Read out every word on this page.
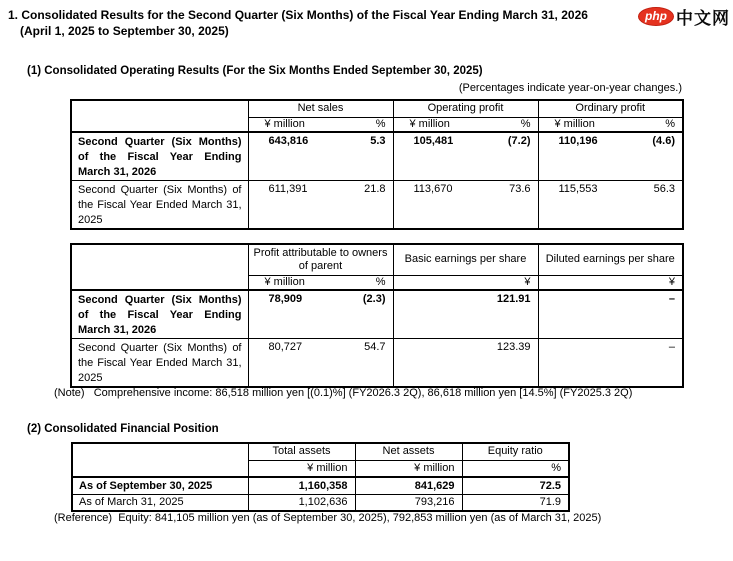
1. Consolidated Results for the Second Quarter (Six Months) of the Fiscal Year Ending March 31, 2026
(April 1, 2025 to September 30, 2025)
php 中文网
(1) Consolidated Operating Results (For the Six Months Ended September 30, 2025)
(Percentages indicate year-on-year changes.)
	Net sales	Operating profit	Ordinary profit

	¥ million %	¥ million %	¥ million %

Second Quarter (Six Months) of the Fiscal Year Ending March 31, 2026	643,816 5.3	105,481 (7.2)	110,196 (4.6)

Second Quarter (Six Months) of the Fiscal Year Ended March 31, 2025	611,391 21.8	113,670 73.6	115,553 56.3
	Profit attributable to owners of parent	Basic earnings per share	Diluted earnings per share

	¥ million %	¥	¥
Second Quarter (Six Months) of the Fiscal Year Ending March 31, 2026	78,909 (2.3)	121.91	–
Second Quarter (Six Months) of the Fiscal Year Ended March 31, 2025	80,727 54.7	123.39	–
(Note)   Comprehensive income: 86,518 million yen [(0.1)%] (FY2026.3 2Q), 86,618 million yen [14.5%] (FY2025.3 2Q)
(2) Consolidated Financial Position
	Total assets	Net assets	Equity ratio
	¥ million	¥ million	%
As of September 30, 2025	1,160,358	841,629	72.5
As of March 31, 2025	1,102,636	793,216	71.9
(Reference)  Equity: 841,105 million yen (as of September 30, 2025), 792,853 million yen (as of March 31, 2025)
